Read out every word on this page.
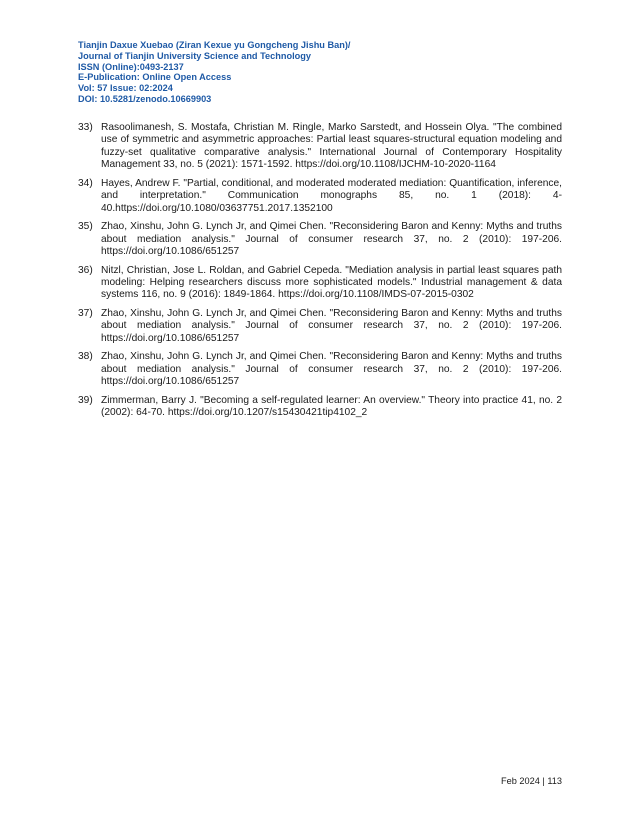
Tianjin Daxue Xuebao (Ziran Kexue yu Gongcheng Jishu Ban)/
Journal of Tianjin University Science and Technology
ISSN (Online):0493-2137
E-Publication: Online Open Access
Vol: 57 Issue: 02:2024
DOI: 10.5281/zenodo.10669903
33) Rasoolimanesh, S. Mostafa, Christian M. Ringle, Marko Sarstedt, and Hossein Olya. "The combined use of symmetric and asymmetric approaches: Partial least squares-structural equation modeling and fuzzy-set qualitative comparative analysis." International Journal of Contemporary Hospitality Management 33, no. 5 (2021): 1571-1592. https://doi.org/10.1108/IJCHM-10-2020-1164
34) Hayes, Andrew F. "Partial, conditional, and moderated moderated mediation: Quantification, inference, and interpretation." Communication monographs 85, no. 1 (2018): 4-40.https://doi.org/10.1080/03637751.2017.1352100
35) Zhao, Xinshu, John G. Lynch Jr, and Qimei Chen. "Reconsidering Baron and Kenny: Myths and truths about mediation analysis." Journal of consumer research 37, no. 2 (2010): 197-206. https://doi.org/10.1086/651257
36) Nitzl, Christian, Jose L. Roldan, and Gabriel Cepeda. "Mediation analysis in partial least squares path modeling: Helping researchers discuss more sophisticated models." Industrial management & data systems 116, no. 9 (2016): 1849-1864. https://doi.org/10.1108/IMDS-07-2015-0302
37) Zhao, Xinshu, John G. Lynch Jr, and Qimei Chen. "Reconsidering Baron and Kenny: Myths and truths about mediation analysis." Journal of consumer research 37, no. 2 (2010): 197-206. https://doi.org/10.1086/651257
38) Zhao, Xinshu, John G. Lynch Jr, and Qimei Chen. "Reconsidering Baron and Kenny: Myths and truths about mediation analysis." Journal of consumer research 37, no. 2 (2010): 197-206. https://doi.org/10.1086/651257
39) Zimmerman, Barry J. "Becoming a self-regulated learner: An overview." Theory into practice 41, no. 2 (2002): 64-70. https://doi.org/10.1207/s15430421tip4102_2
Feb 2024 | 113
